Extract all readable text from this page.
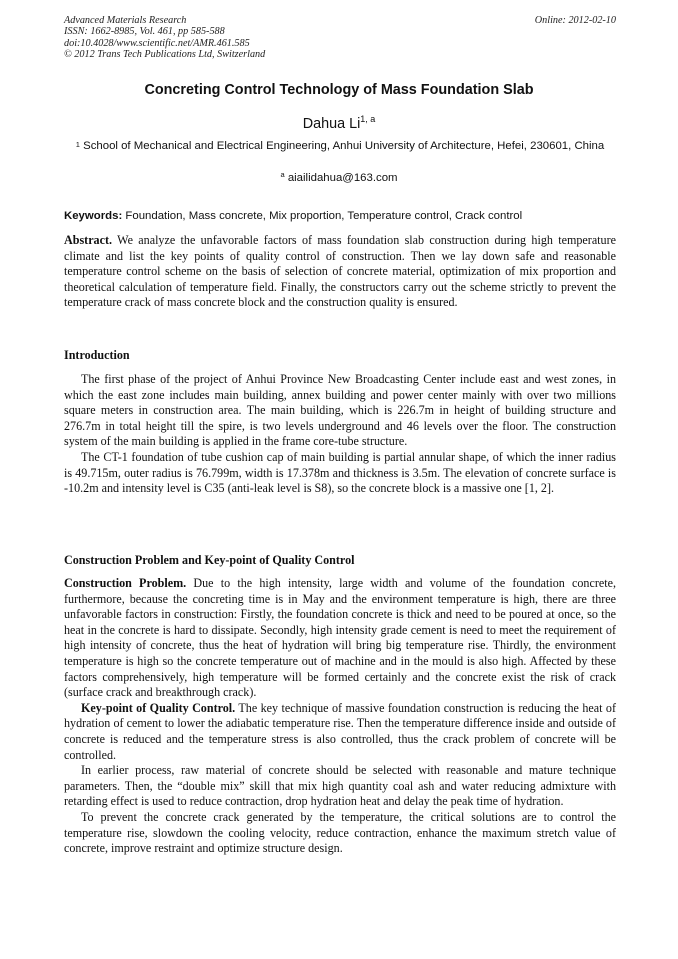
Advanced Materials Research
ISSN: 1662-8985, Vol. 461, pp 585-588
doi:10.4028/www.scientific.net/AMR.461.585
© 2012 Trans Tech Publications Ltd, Switzerland
Online: 2012-02-10
Concreting Control Technology of Mass Foundation Slab
Dahua Li$^{1, a}$
$^1$ School of Mechanical and Electrical Engineering, Anhui University of Architecture, Hefei, 230601, China
$^a$ aiailidahua@163.com
Keywords: Foundation, Mass concrete, Mix proportion, Temperature control, Crack control

Abstract. We analyze the unfavorable factors of mass foundation slab construction during high temperature climate and list the key points of quality control of construction. Then we lay down safe and reasonable temperature control scheme on the basis of selection of concrete material, optimization of mix proportion and theoretical calculation of temperature field. Finally, the constructors carry out the scheme strictly to prevent the temperature crack of mass concrete block and the construction quality is ensured.

Introduction

The first phase of the project of Anhui Province New Broadcasting Center include east and west zones, in which the east zone includes main building, annex building and power center mainly with over two millions square meters in construction area. The main building, which is 226.7m in height of building structure and 276.7m in total height till the spire, is two levels underground and 46 levels over the floor. The construction system of the main building is applied in the frame core-tube structure.

The CT-1 foundation of tube cushion cap of main building is partial annular shape, of which the inner radius is 49.715m, outer radius is 76.799m, width is 17.378m and thickness is 3.5m. The elevation of concrete surface is -10.2m and intensity level is C35 (anti-leak level is S8), so the concrete block is a massive one [1, 2].

Construction Problem and Key-point of Quality Control

Construction Problem. Due to the high intensity, large width and volume of the foundation concrete, furthermore, because the concreting time is in May and the environment temperature is high, there are three unfavorable factors in construction: Firstly, the foundation concrete is thick and need to be poured at once, so the heat in the concrete is hard to dissipate. Secondly, high intensity grade cement is need to meet the requirement of high intensity of concrete, thus the heat of hydration will bring big temperature rise. Thirdly, the environment temperature is high so the concrete temperature out of machine and in the mould is also high. Affected by these factors comprehensively, high temperature will be formed certainly and the concrete exist the risk of crack (surface crack and breakthrough crack).

Key-point of Quality Control. The key technique of massive foundation construction is reducing the heat of hydration of cement to lower the adiabatic temperature rise. Then the temperature difference inside and outside of concrete is reduced and the temperature stress is also controlled, thus the crack problem of concrete will be controlled.

In earlier process, raw material of concrete should be selected with reasonable and mature technique parameters. Then, the “double mix” skill that mix high quantity coal ash and water reducing admixture with retarding effect is used to reduce contraction, drop hydration heat and delay the peak time of hydration.

To prevent the concrete crack generated by the temperature, the critical solutions are to control the temperature rise, slowdown the cooling velocity, reduce contraction, enhance the maximum stretch value of concrete, improve restraint and optimize structure design.
